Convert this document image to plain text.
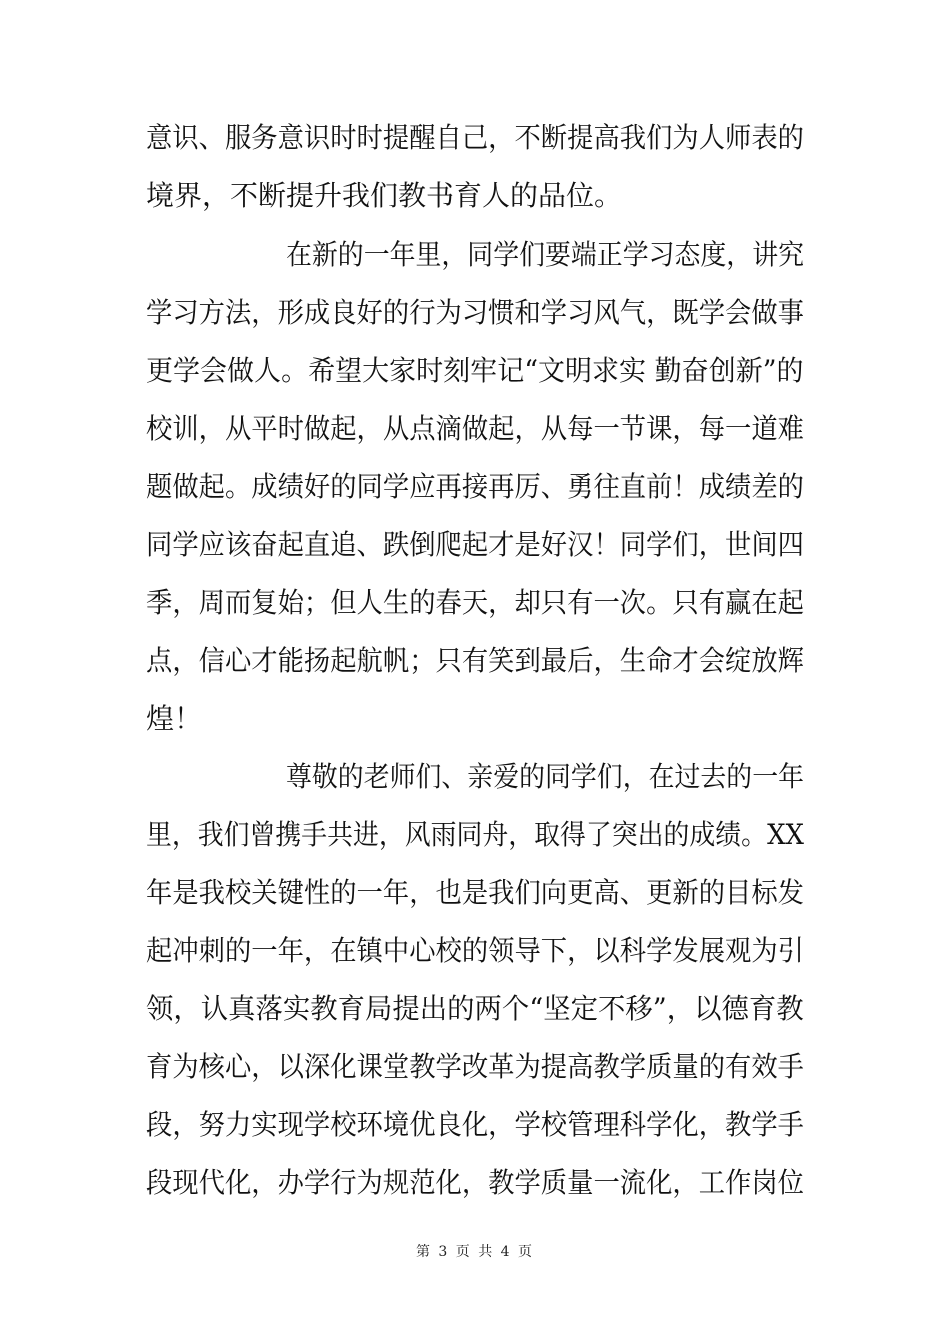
意识、服务意识时时提醒自己，不断提高我们为人师表的
境界，不断提升我们教书育人的品位。
在新的一年里，同学们要端正学习态度，讲究
学习方法，形成良好的行为习惯和学习风气，既学会做事
更学会做人。希望大家时刻牢记“文明求实 勤奋创新”的
校训，从平时做起，从点滴做起，从每一节课，每一道难
题做起。成绩好的同学应再接再厉、勇往直前！成绩差的
同学应该奋起直追、跌倒爬起才是好汉！同学们，世间四
季，周而复始；但人生的春天，却只有一次。只有赢在起
点，信心才能扬起航帆；只有笑到最后，生命才会绽放辉
煌！
尊敬的老师们、亲爱的同学们，在过去的一年
里，我们曾携手共进，风雨同舟，取得了突出的成绩。XX
年是我校关键性的一年，也是我们向更高、更新的目标发
起冲刺的一年，在镇中心校的领导下，以科学发展观为引
领，认真落实教育局提出的两个“坚定不移”，以德育教
育为核心，以深化课堂教学改革为提高教学质量的有效手
段，努力实现学校环境优良化，学校管理科学化，教学手
段现代化，办学行为规范化，教学质量一流化，工作岗位
第 3 页 共 4 页
